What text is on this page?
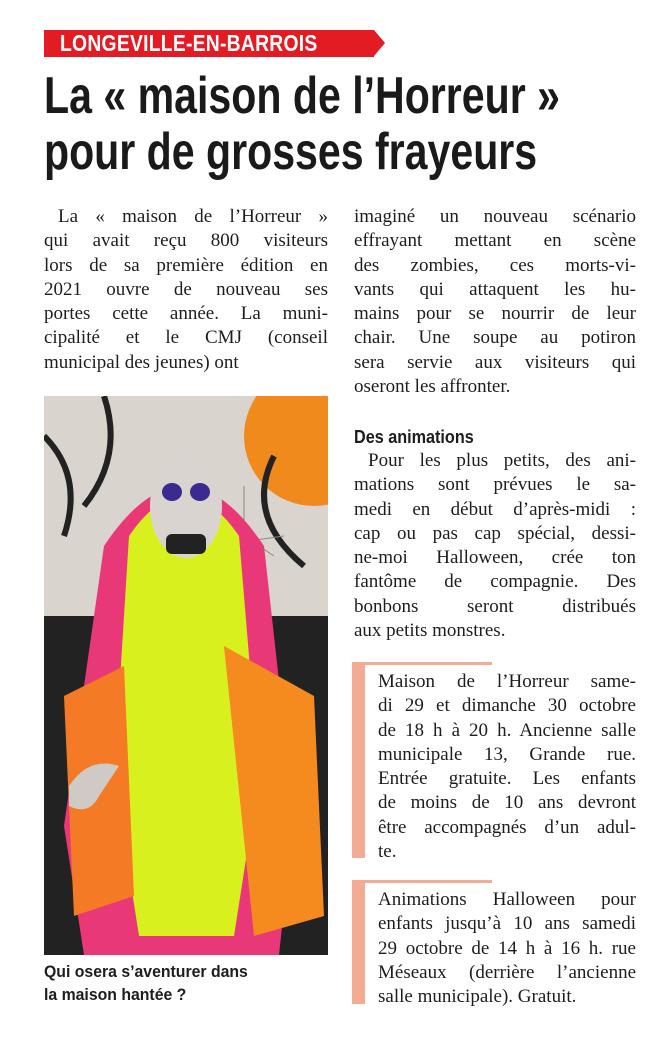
LONGEVILLE-EN-BARROIS
La « maison de l’Horreur »
pour de grosses frayeurs
La « maison de l’Horreur »
qui avait reçu 800 visiteurs
lors de sa première édition en
2021 ouvre de nouveau ses
portes cette année. La muni-
cipalité et le CMJ (conseil
municipal des jeunes) ont
imaginé un nouveau scénario
effrayant mettant en scène
des zombies, ces morts-vi-
vants qui attaquent les hu-
mains pour se nourrir de leur
chair. Une soupe au potiron
sera servie aux visiteurs qui
oseront les affronter.
Des animations
Pour les plus petits, des ani-
mations sont prévues le sa-
medi en début d’après-midi :
cap ou pas cap spécial, dessi-
ne-moi Halloween, crée ton
fantôme de compagnie. Des
bonbons seront distribués
aux petits monstres.
Qui osera s’aventurer dans
la maison hantée ?
Maison de l’Horreur same-
di 29 et dimanche 30 octobre
de 18 h à 20 h. Ancienne salle
municipale 13, Grande rue.
Entrée gratuite. Les enfants
de moins de 10 ans devront
être accompagnés d’un adul-
te.
Animations Halloween pour
enfants jusqu’à 10 ans samedi
29 octobre de 14 h à 16 h. rue
Méseaux (derrière l’ancienne
salle municipale). Gratuit.
